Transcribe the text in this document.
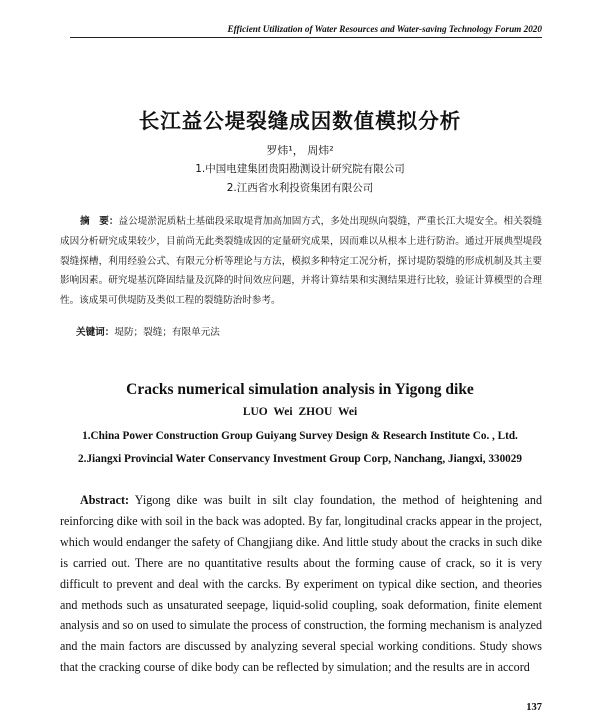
Efficient Utilization of Water Resources and Water-saving Technology Forum 2020
长江益公堤裂缝成因数值模拟分析
罗炜¹， 周炜²
1.中国电建集团贵阳勘测设计研究院有限公司
2.江西省水利投资集团有限公司
摘　要：益公堤淤泥质粘土基础段采取堤背加高加固方式，多处出现纵向裂缝，严重长江大堤安全。相关裂缝成因分析研究成果较少，目前尚无此类裂缝成因的定量研究成果，因而难以从根本上进行防治。通过开展典型堤段裂缝探槽，利用经验公式、有限元分析等理论与方法，模拟多种特定工况分析，探讨堤防裂缝的形成机制及其主要影响因素。研究堤基沉降固结量及沉降的时间效应问题，并将计算结果和实测结果进行比较，验证计算模型的合理性。该成果可供堤防及类似工程的裂缝防治时参考。
关键词：堤防；裂缝；有限单元法
Cracks numerical simulation analysis in Yigong dike
LUO Wei ZHOU Wei
1.China Power Construction Group Guiyang Survey Design & Research Institute Co. , Ltd.
2.Jiangxi Provincial Water Conservancy Investment Group Corp, Nanchang, Jiangxi, 330029
Abstract: Yigong dike was built in silt clay foundation, the method of heightening and reinforcing dike with soil in the back was adopted. By far, longitudinal cracks appear in the project, which would endanger the safety of Changjiang dike. And little study about the cracks in such dike is carried out. There are no quantitative results about the forming cause of crack, so it is very difficult to prevent and deal with the carcks. By experiment on typical dike section, and theories and methods such as unsaturated seepage, liquid-solid coupling, soak deformation, finite element analysis and so on used to simulate the process of construction, the forming mechanism is analyzed and the main factors are discussed by analyzing several special working conditions. Study shows that the cracking course of dike body can be reflected by simulation; and the results are in accord
137
